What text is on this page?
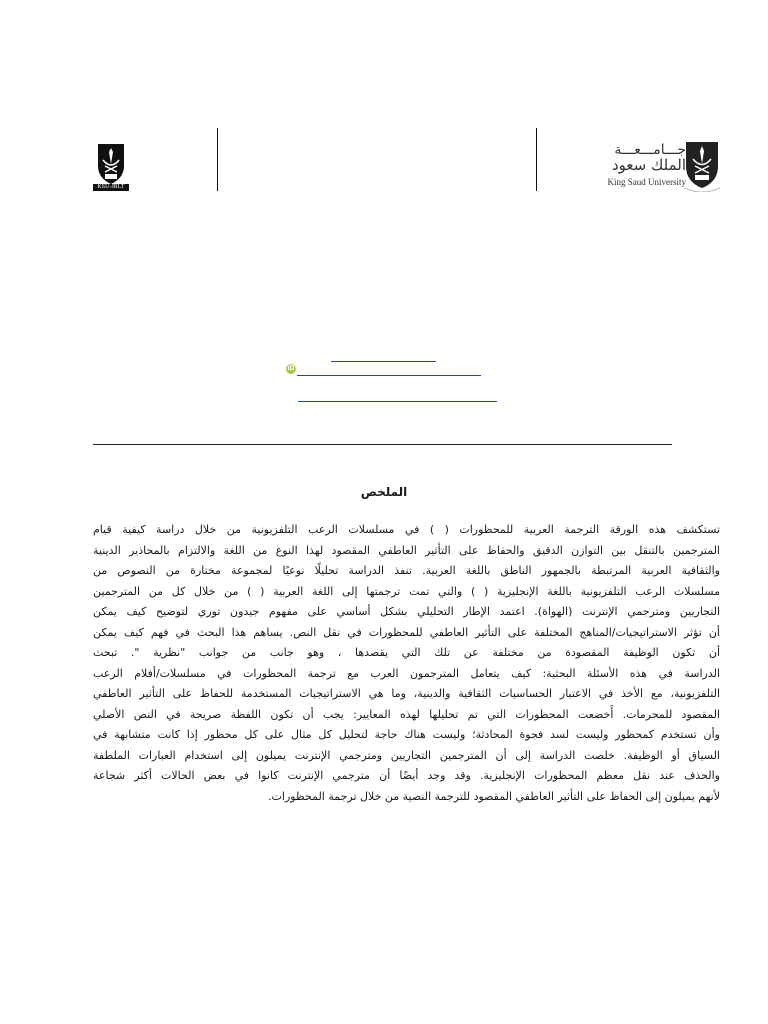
KSU-JRLT
جـــامـــعـــة
الملك سعود
King Saud University
iD
الملخص
تستكشف هذه الورقة الترجمة العربية للمحظورات ( ) في مسلسلات الرعب التلفزيونية من خلال دراسة كيفية قيام
المترجمين بالتنقل بين التوازن الدقيق والحفاظ على التأثير العاطفي المقصود لهذا النوع من اللغة والالتزام بالمحاذير الدينية
والثقافية العربية المرتبطة بالجمهور الناطق باللغة العربية. تنفذ الدراسة تحليلًا نوعيًا لمجموعة مختارة من النصوص من
مسلسلات الرعب التلفزيونية باللغة الإنجليزية ( ) والتي تمت ترجمتها إلى اللغة العربية ( ) من خلال كل من المترجمين
التجاريين ومترجمي الإنترنت (الهواة). اعتمد الإطار التحليلي بشكل أساسي على مفهوم جيدون توري لتوضيح كيف يمكن
أن تؤثر الاستراتيجيات/المناهج المختلفة على التأثير العاطفي للمحظورات في نقل النص. يساهم هذا البحث في فهم كيف يمكن
أن تكون الوظيفة المقصودة من مختلفة عن تلك التي يقصدها ، وهو جانب من جوانب "نظرية ". تبحث
الدراسة في هذه الأسئلة البحثية: كيف يتعامل المترجمون العرب مع ترجمة المحظورات في مسلسلات/أفلام الرعب
التلفزيونية، مع الأخذ في الاعتبار الحساسيات الثقافية والدينية، وما هي الاستراتيجيات المستخدمة للحفاظ على التأثير العاطفي
المقصود للمحرمات. أُخضعت المحظورات التي تم تحليلها لهذه المعايير: يجب أن تكون اللفظة صريحة في النص الأصلي
وأن تستخدم كمحظور وليست لسد فجوة المحادثة؛ وليست هناك حاجة لتحليل كل مثال على كل محظور إذا كانت متشابهة في
السياق أو الوظيفة. خلصت الدراسة إلى أن المترجمين التجاريين ومترجمي الإنترنت يميلون إلى استخدام العبارات الملطفة
والحذف عند نقل معظم المحظورات الإنجليزية. وقد وجد أيضًا أن مترجمي الإنترنت كانوا في بعض الحالات أكثر شجاعة
لأنهم يميلون إلى الحفاظ على التأثير العاطفي المقصود للترجمة النصية من خلال ترجمة المحظورات.
